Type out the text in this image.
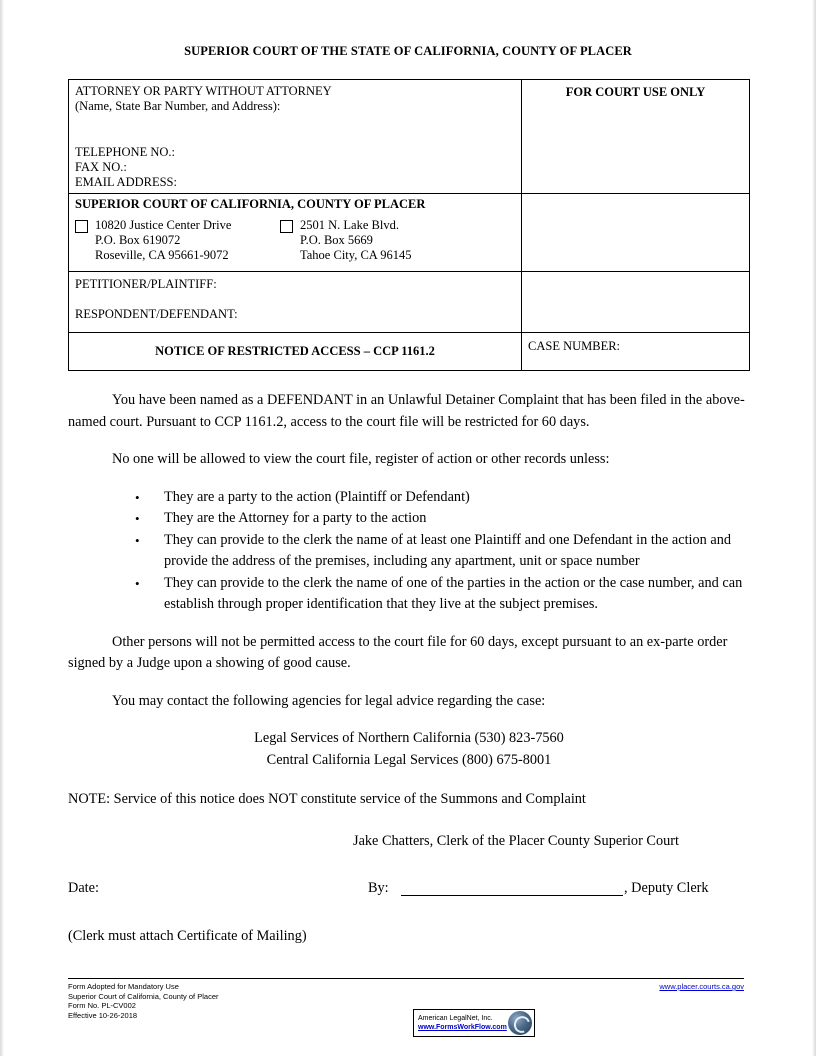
SUPERIOR COURT OF THE STATE OF CALIFORNIA, COUNTY OF PLACER
ATTORNEY OR PARTY WITHOUT ATTORNEY
(Name, State Bar Number, and Address):
TELEPHONE NO.:
FAX NO.:
EMAIL ADDRESS:
FOR COURT USE ONLY
SUPERIOR COURT OF CALIFORNIA, COUNTY OF PLACER
10820 Justice Center Drive
P.O. Box 619072
Roseville, CA 95661-9072
2501 N. Lake Blvd.
P.O. Box 5669
Tahoe City, CA 96145
PETITIONER/PLAINTIFF:
RESPONDENT/DEFENDANT:
NOTICE OF RESTRICTED ACCESS – CCP 1161.2	CASE NUMBER:

You have been named as a DEFENDANT in an Unlawful Detainer Complaint that has been filed in the above-named court. Pursuant to CCP 1161.2, access to the court file will be restricted for 60 days.

No one will be allowed to view the court file, register of action or other records unless:

• They are a party to the action (Plaintiff or Defendant)
• They are the Attorney for a party to the action
• They can provide to the clerk the name of at least one Plaintiff and one Defendant in the action and provide the address of the premises, including any apartment, unit or space number
• They can provide to the clerk the name of one of the parties in the action or the case number, and can establish through proper identification that they live at the subject premises.

Other persons will not be permitted access to the court file for 60 days, except pursuant to an ex-parte order signed by a Judge upon a showing of good cause.

You may contact the following agencies for legal advice regarding the case:

Legal Services of Northern California (530) 823-7560

Central California Legal Services (800) 675-8001

NOTE: Service of this notice does NOT constitute service of the Summons and Complaint

Jake Chatters, Clerk of the Placer County Superior Court

Date:	By:	, Deputy Clerk

(Clerk must attach Certificate of Mailing)

Form Adopted for Mandatory Use
Superior Court of California, County of Placer
Form No. PL-CV002
Effective 10-26-2018
www.placer.courts.ca.gov
American LegalNet, Inc.
www.FormsWorkFlow.com
